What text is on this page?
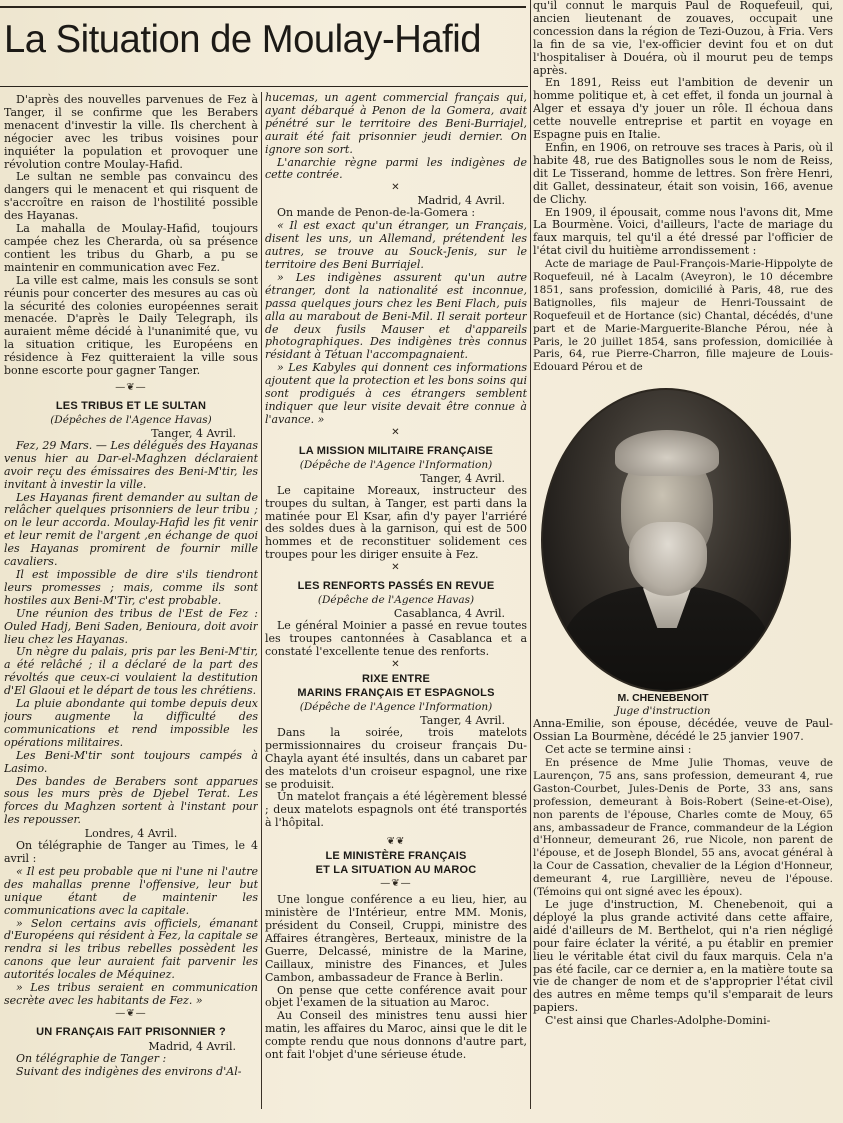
La Situation de Moulay-Hafid

D'après des nouvelles parvenues de Fez à Tanger, il se confirme que les Berabers menacent d'investir la ville. Ils cherchent à négocier avec les tribus voisines pour inquiéter la population et provoquer une révolution contre Moulay-Hafid.

Le sultan ne semble pas convaincu des dangers qui le menacent et qui risquent de s'accroître en raison de l'hostilité possible des Hayanas.

La mahalla de Moulay-Hafid, toujours campée chez les Cherarda, où sa présence contient les tribus du Gharb, a pu se maintenir en communication avec Fez.

La ville est calme, mais les consuls se sont réunis pour concerter des mesures au cas où la sécurité des colonies européennes serait menacée. D'après le Daily Telegraph, ils auraient même décidé à l'unanimité que, vu la situation critique, les Européens en résidence à Fez quitteraient la ville sous bonne escorte pour gagner Tanger.

—❦—
LES TRIBUS ET LE SULTAN
(Dépêches de l'Agence Havas)
Tanger, 4 Avril.

Fez, 29 Mars. — Les délégués des Hayanas venus hier au Dar-el-Maghzen déclaraient avoir reçu des émissaires des Beni-M'tir, les invitant à investir la ville.

Les Hayanas firent demander au sultan de relâcher quelques prisonniers de leur tribu ; on le leur accorda. Moulay-Hafid les fit venir et leur remit de l'argent ,en échange de quoi les Hayanas promirent de fournir mille cavaliers.

Il est impossible de dire s'ils tiendront leurs promesses ; mais, comme ils sont hostiles aux Beni-M'Tir, c'est probable.

Une réunion des tribus de l'Est de Fez : Ouled Hadj, Beni Saden, Benioura, doit avoir lieu chez les Hayanas.

Un nègre du palais, pris par les Beni-M'tir, a été relâché ; il a déclaré de la part des révoltés que ceux-ci voulaient la destitution d'El Glaoui et le départ de tous les chrétiens.

La pluie abondante qui tombe depuis deux jours augmente la difficulté des communications et rend impossible les opérations militaires.

Les Beni-M'tir sont toujours campés à Lasimo.

Des bandes de Berabers sont apparues sous les murs près de Djebel Terat. Les forces du Maghzen sortent à l'instant pour les repousser.

Londres, 4 Avril.

On télégraphie de Tanger au Times, le 4 avril :

« Il est peu probable que ni l'une ni l'autre des mahallas prenne l'offensive, leur but unique étant de maintenir les communications avec la capitale.

» Selon certains avis officiels, émanant d'Européens qui résident à Fez, la capitale se rendra si les tribus rebelles possèdent les canons que leur auraient fait parvenir les autorités locales de Méquinez.

» Les tribus seraient en communication secrète avec les habitants de Fez. »

—❦—
UN FRANÇAIS FAIT PRISONNIER ?
Madrid, 4 Avril.

On télégraphie de Tanger :

Suivant des indigènes des environs d'Al-

hucemas, un agent commercial français qui, ayant débarqué à Penon de la Gomera, avait pénétré sur le territoire des Beni-Burriajel, aurait été fait prisonnier jeudi dernier. On ignore son sort.

L'anarchie règne parmi les indigènes de cette contrée.

✕
Madrid, 4 Avril.

On mande de Penon-de-la-Gomera :

« Il est exact qu'un étranger, un Français, disent les uns, un Allemand, prétendent les autres, se trouve au Souck-Jenis, sur le territoire des Beni Burriajel.

» Les indigènes assurent qu'un autre étranger, dont la nationalité est inconnue, passa quelques jours chez les Beni Flach, puis alla au marabout de Beni-Mil. Il serait porteur de deux fusils Mauser et d'appareils photographiques. Des indigènes très connus résidant à Tétuan l'accompagnaient.

» Les Kabyles qui donnent ces informations ajoutent que la protection et les bons soins qui sont prodigués à ces étrangers semblent indiquer que leur visite devait être connue à l'avance. »

✕
LA MISSION MILITAIRE FRANÇAISE
(Dépêche de l'Agence l'Information)
Tanger, 4 Avril.

Le capitaine Moreaux, instructeur des troupes du sultan, à Tanger, est parti dans la matinée pour El Ksar, afin d'y payer l'arriéré des soldes dues à la garnison, qui est de 500 hommes et de reconstituer solidement ces troupes pour les diriger ensuite à Fez.

✕
LES RENFORTS PASSÉS EN REVUE
(Dépêche de l'Agence Havas)
Casablanca, 4 Avril.

Le général Moinier a passé en revue toutes les troupes cantonnées à Casablanca et a constaté l'excellente tenue des renforts.

✕
RIXE ENTRE
MARINS FRANÇAIS ET ESPAGNOLS
(Dépêche de l'Agence l'Information)
Tanger, 4 Avril.

Dans la soirée, trois matelots permissionnaires du croiseur français Du-Chayla ayant été insultés, dans un cabaret par des matelots d'un croiseur espagnol, une rixe se produisit.

Un matelot français a été légèrement blessé ; deux matelots espagnols ont été transportés à l'hôpital.

❦❦
LE MINISTÈRE FRANÇAIS
ET LA SITUATION AU MAROC
—❦—

Une longue conférence a eu lieu, hier, au ministère de l'Intérieur, entre MM. Monis, président du Conseil, Cruppi, ministre des Affaires étrangères, Berteaux, ministre de la Guerre, Delcassé, ministre de la Marine, Caillaux, ministre des Finances, et Jules Cambon, ambassadeur de France à Berlin.

On pense que cette conférence avait pour objet l'examen de la situation au Maroc.

Au Conseil des ministres tenu aussi hier matin, les affaires du Maroc, ainsi que le dit le compte rendu que nous donnons d'autre part, ont fait l'objet d'une sérieuse étude.

qu'il connut le marquis Paul de Roquefeuil, qui, ancien lieutenant de zouaves, occupait une concession dans la région de Tezi-Ouzou, à Fria. Vers la fin de sa vie, l'ex-officier devint fou et on dut l'hospitaliser à Douéra, où il mourut peu de temps après.

En 1891, Reiss eut l'ambition de devenir un homme politique et, à cet effet, il fonda un journal à Alger et essaya d'y jouer un rôle. Il échoua dans cette nouvelle entreprise et partit en voyage en Espagne puis en Italie.

Enfin, en 1906, on retrouve ses traces à Paris, où il habite 48, rue des Batignolles sous le nom de Reiss, dit Le Tisserand, homme de lettres. Son frère Henri, dit Gallet, dessinateur, était son voisin, 166, avenue de Clichy.

En 1909, il épousait, comme nous l'avons dit, Mme La Bourmène. Voici, d'ailleurs, l'acte de mariage du faux marquis, tel qu'il a été dressé par l'officier de l'état civil du huitième arrondissement :

Acte de mariage de Paul-François-Marie-Hippolyte de Roquefeuil, né à Lacalm (Aveyron), le 10 décembre 1851, sans profession, domicilié à Paris, 48, rue des Batignolles, fils majeur de Henri-Toussaint de Roquefeuil et de Hortance (sic) Chantal, décédés, d'une part et de Marie-Marguerite-Blanche Pérou, née à Paris, le 20 juillet 1854, sans profession, domiciliée à Paris, 64, rue Pierre-Charron, fille majeure de Louis-Edouard Pérou et de

M. CHENEBENOIT
Juge d'instruction

Anna-Emilie, son épouse, décédée, veuve de Paul-Ossian La Bourmène, décédé le 25 janvier 1907.

Cet acte se termine ainsi :

En présence de Mme Julie Thomas, veuve de Laurençon, 75 ans, sans profession, demeurant 4, rue Gaston-Courbet, Jules-Denis de Porte, 33 ans, sans profession, demeurant à Bois-Robert (Seine-et-Oise), non parents de l'épouse, Charles comte de Mouy, 65 ans, ambassadeur de France, commandeur de la Légion d'Honneur, demeurant 26, rue Nicole, non parent de l'épouse, et de Joseph Blondel, 55 ans, avocat général à la Cour de Cassation, chevalier de la Légion d'Honneur, demeurant 4, rue Largillière, neveu de l'épouse. (Témoins qui ont signé avec les époux).

Le juge d'instruction, M. Chenebenoit, qui a déployé la plus grande activité dans cette affaire, aidé d'ailleurs de M. Berthelot, qui n'a rien négligé pour faire éclater la vérité, a pu établir en premier lieu le véritable état civil du faux marquis. Cela n'a pas été facile, car ce dernier a, en la matière toute sa vie de changer de nom et de s'approprier l'état civil des autres en même temps qu'il s'emparait de leurs papiers.

C'est ainsi que Charles-Adolphe-Domini-
